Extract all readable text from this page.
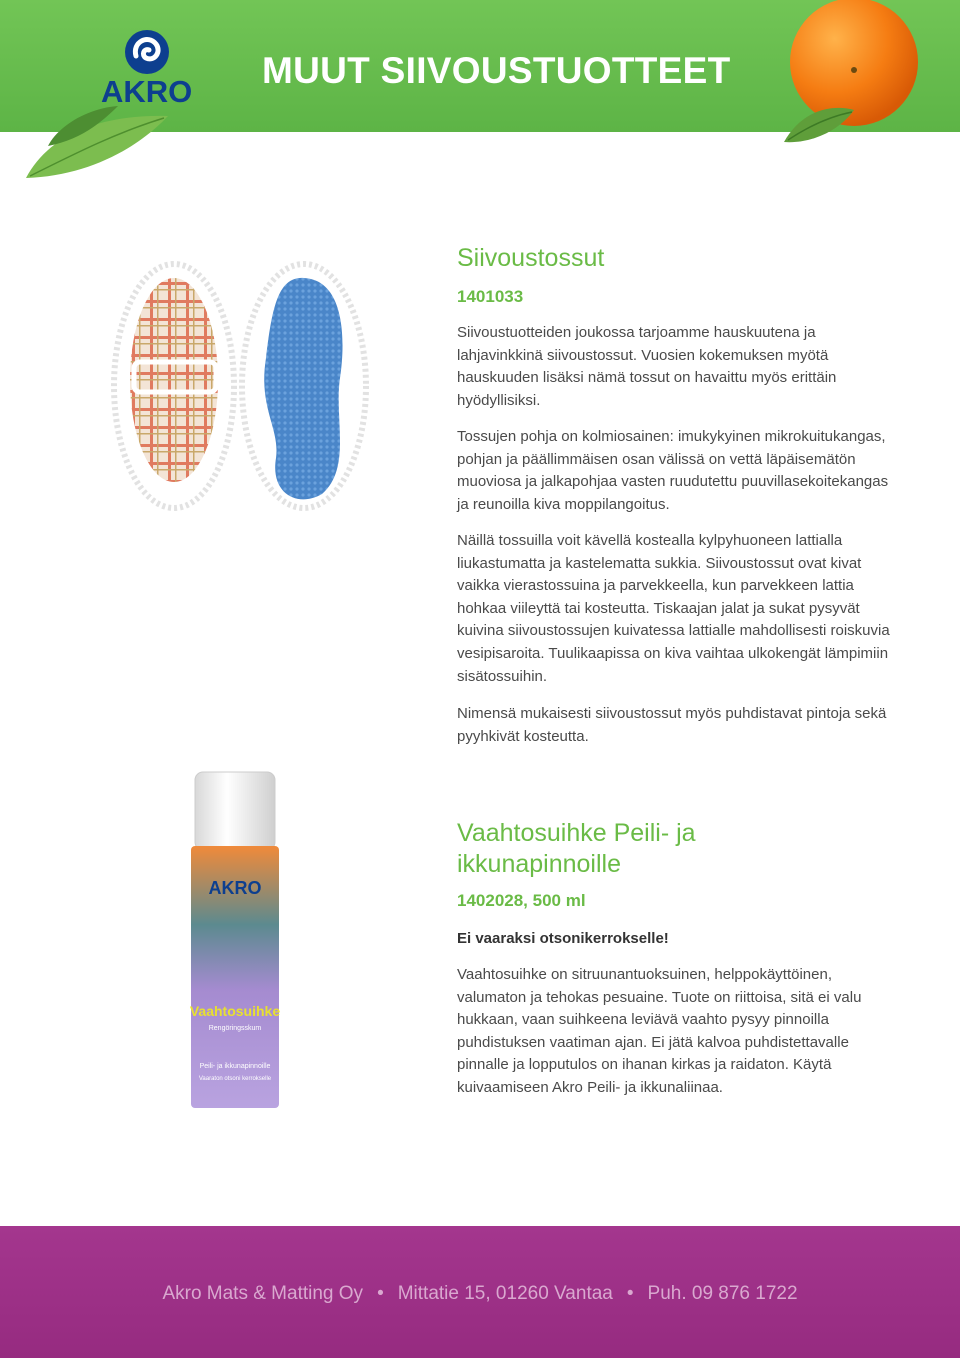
AKRO
MUUT SIIVOUSTUOTTEET
Siivoustossut

1401033

Siivoustuotteiden joukossa tarjoamme hauskuutena ja lahjavinkkinä siivoustossut. Vuosien kokemuksen myötä hauskuuden lisäksi nämä tossut on havaittu myös erittäin hyödyllisiksi.

Tossujen pohja on kolmiosainen: imukykyinen mikrokuitukangas, pohjan ja päällimmäisen osan välissä on vettä läpäisemätön muoviosa ja jalkapohjaa vasten ruudutettu puuvillasekoitekangas ja reunoilla kiva moppilangoitus.

Näillä tossuilla voit kävellä kostealla kylpyhuoneen lattialla liukastumatta ja kastelematta sukkia. Siivoustossut ovat kivat vaikka vierastossuina ja parvekkeella, kun parvekkeen lattia hohkaa viileyttä tai kosteutta. Tiskaajan jalat ja sukat pysyvät kuivina siivoustossujen kuivatessa lattialle mahdollisesti roiskuvia vesipisaroita. Tuulikaapissa on kiva vaihtaa ulkokengät lämpimiin sisätossuihin.

Nimensä mukaisesti siivoustossut myös puhdistavat pintoja sekä pyyhkivät kosteutta.

AKRO
Vaahtosuihke
Rengöringsskum
Peili- ja ikkunapinnoille
Vaaraton otsoni kerrokselle
Vaahtosuihke Peili- ja
ikkunapinnoille

1402028, 500 ml

Ei vaaraksi otsonikerrokselle!

Vaahtosuihke on sitruunantuoksuinen, helppokäyttöinen, valumaton ja tehokas pesuaine. Tuote on riittoisa, sitä ei valu hukkaan, vaan suihkeena leviävä vaahto pysyy pinnoilla puhdistuksen vaatiman ajan. Ei jätä kalvoa puhdistettavalle pinnalle ja lopputulos on ihanan kirkas ja raidaton. Käytä kuivaamiseen Akro Peili- ja ikkunaliinaa.

Akro Mats & Matting Oy • Mittatie 15, 01260 Vantaa • Puh. 09 876 1722
